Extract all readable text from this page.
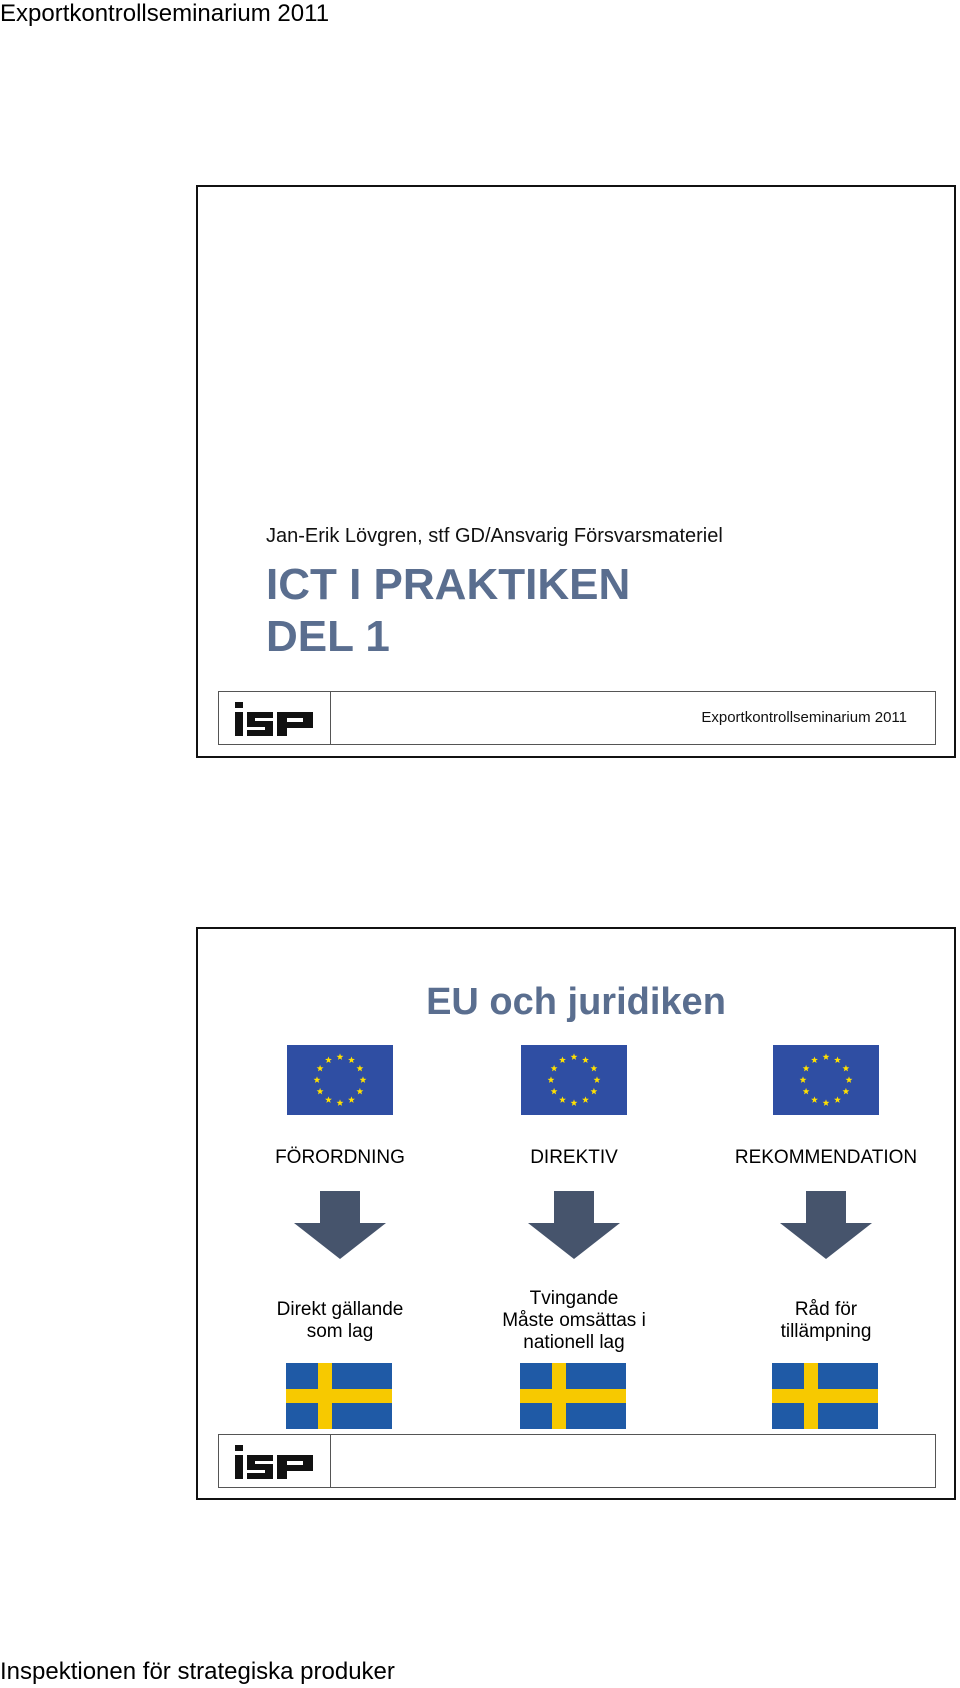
Exportkontrollseminarium 2011
Jan-Erik Lövgren, stf GD/Ansvarig Försvarsmateriel
ICT I PRAKTIKEN
DEL 1
Exportkontrollseminarium 2011
EU och juridiken
FÖRORDNING
Direkt gällande
som lag
DIREKTIV
Tvingande
Måste omsättas i
nationell lag
REKOMMENDATION
Råd för
tillämpning
Inspektionen för strategiska produker
